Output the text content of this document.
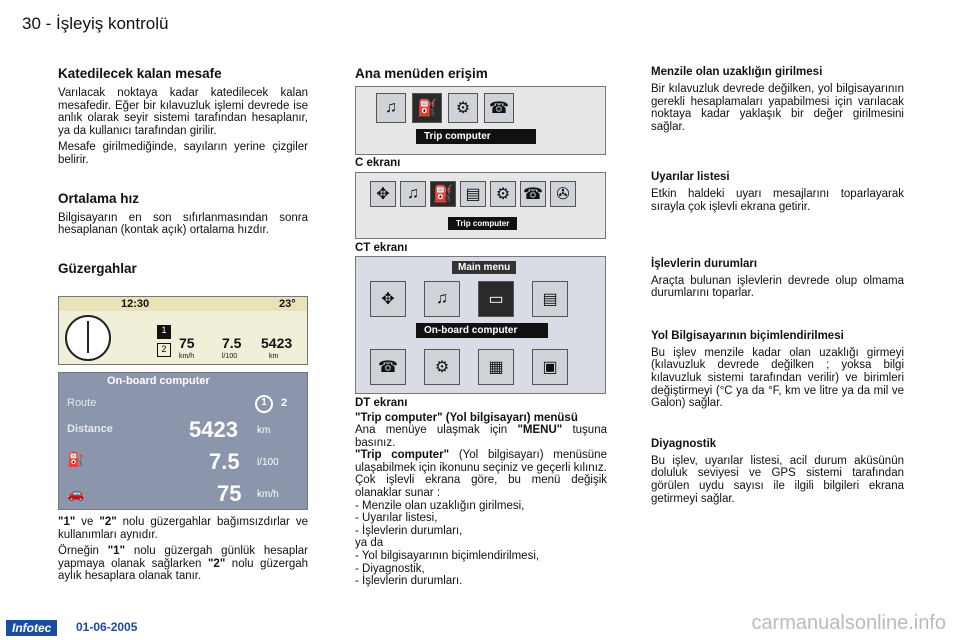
30 - İşleyiş kontrolü
Katedilecek kalan mesafe
Varılacak noktaya kadar katedilecek kalan mesafedir. Eğer bir kılavuzluk işlemi devrede ise anlık olarak seyir sistemi tarafından hesaplanır, ya da kullanıcı tarafından girilir.
Mesafe girilmediğinde, sayıların yerine çizgiler belirir.
Ortalama hız
Bilgisayarın en son sıfırlanmasından sonra hesaplanan (kontak açık) ortalama hızdır.
Güzergahlar
12:30	23°
1
2 75 7.5 5423
km/h	l/100	km
On-board computer
Route	1	2
Distance	5423 km
⛽	7.5 l/100
🚗	75 km/h
"1" ve "2" nolu güzergahlar bağımsızdırlar ve kullanımları aynıdır.
Örneğin "1" nolu güzergah günlük hesaplar yapmaya olanak sağlarken "2" nolu güzergah aylık hesaplara olanak tanır.
Ana menüden erişim
♫	⛽	⚙	☎
Trip computer
C ekranı
✥	♫ ⛽ ▤ ⚙ ☎ ✇
Trip computer
CT ekranı
Main menu
✥	♫	▭	▤
On-board computer
☎	⚙	▦	▣
DT ekranı
"Trip computer" (Yol bilgisayarı) menüsü
Ana menüye ulaşmak için "MENU" tuşuna basınız.
"Trip computer" (Yol bilgisayarı) menüsüne ulaşabilmek için ikonunu seçiniz ve geçerli kılınız.
Çok işlevli ekrana göre, bu menü değişik olanaklar sunar :
- Menzile olan uzaklığın girilmesi,
- Uyarılar listesi,
- İşlevlerin durumları,
ya da
- Yol bilgisayarının biçimlendirilmesi,
- Diyagnostik,
- İşlevlerin durumları.
Menzile olan uzaklığın girilmesi
Bir kılavuzluk devrede değilken, yol bilgisayarının gerekli hesaplamaları yapabilmesi için varılacak noktaya kadar yaklaşık bir değer girilmesini sağlar.
Uyarılar listesi
Etkin haldeki uyarı mesajlarını toparlayarak sırayla çok işlevli ekrana getirir.
İşlevlerin durumları
Araçta bulunan işlevlerin devrede olup olmama durumlarını toparlar.
Yol Bilgisayarının biçimlendirilmesi
Bu işlev menzile kadar olan uzaklığı girmeyi (kılavuzluk devrede değilken ; yoksa bilgi kılavuzluk sistemi tarafından verilir) ve birimleri değiştirmeyi (°C ya da °F, km ve litre ya da mil ve Galon) sağlar.
Diyagnostik
Bu işlev, uyarılar listesi, acil durum aküsünün doluluk seviyesi ve GPS sistemi tarafından görülen uydu sayısı ile ilgili bilgileri ekrana getirmeyi sağlar.
Infotec	01-06-2005	carmanualsonline.info
